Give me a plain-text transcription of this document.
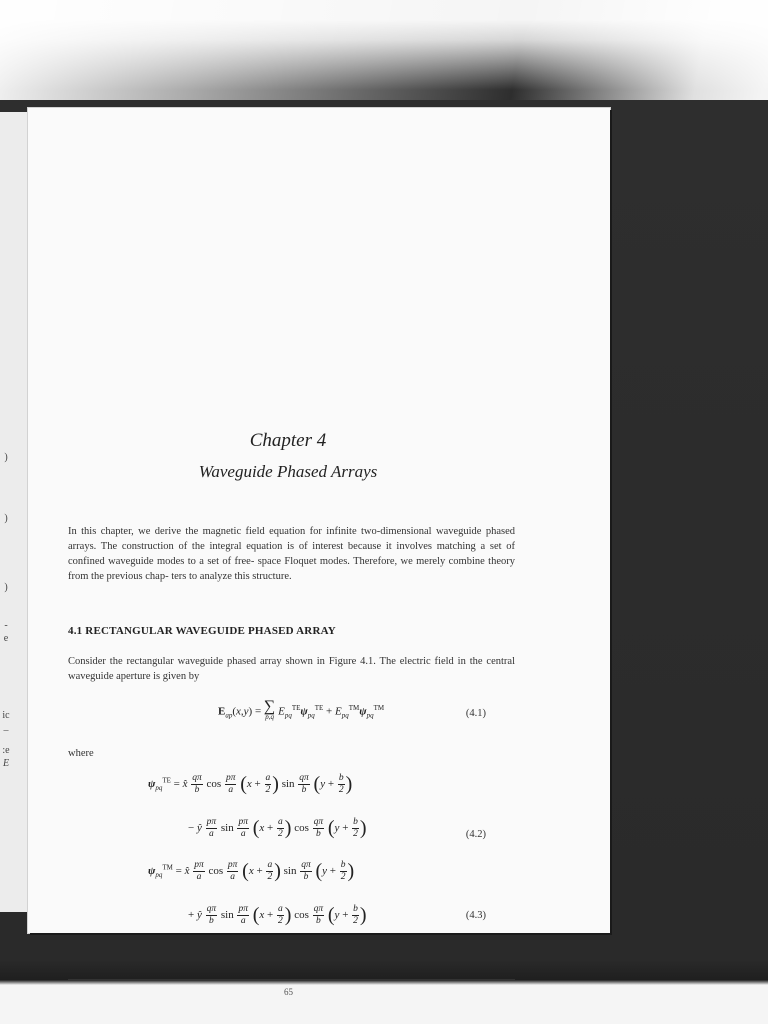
)
)
)
-
e
ic
–
:e
E
Chapter 4
Waveguide Phased Arrays

In this chapter, we derive the magnetic field equation for infinite two-dimensional waveguide phased arrays. The construction of the integral equation is of interest because it involves matching a set of confined waveguide modes to a set of free- space Floquet modes. Therefore, we merely combine theory from the previous chap- ters to analyze this structure.

4.1 RECTANGULAR WAVEGUIDE PHASED ARRAY

Consider the rectangular waveguide phased array shown in Figure 4.1. The electric field in the central waveguide aperture is given by

$E_{ap}(x,y)$ = ∑
p,q $E_{pq}^{TE}\psi_{pq}^{TE} + E_{pq}™\psi_{pq}™$
(4.1)
where
$\psi_{pq}^{TE}$ = x̂ $\frac{q\pi}{b}$ $\cos \frac{p\pi}{a} (x + \frac{a}{2}$ ) $\sin \frac{q\pi}{b} (y + \frac{b}{2}$ )
− ŷ $\frac{p\pi}{a}$ $\sin \frac{p\pi}{a} (x + \frac{a}{2}$ ) $\cos \frac{q\pi}{b} (y + \frac{b}{2}$ )	(4.2)
$\psi_{pq}™$ = x̂ $\frac{p\pi}{a}$ $\cos \frac{p\pi}{a} (x + \frac{a}{2}$ ) $\sin \frac{q\pi}{b} (y + \frac{b}{2}$ )
+ ŷ $\frac{q\pi}{b}$ $\sin \frac{p\pi}{a} (x + \frac{a}{2}$ ) $\cos \frac{q\pi}{b} (y + \frac{b}{2}$ )	(4.3)
65
